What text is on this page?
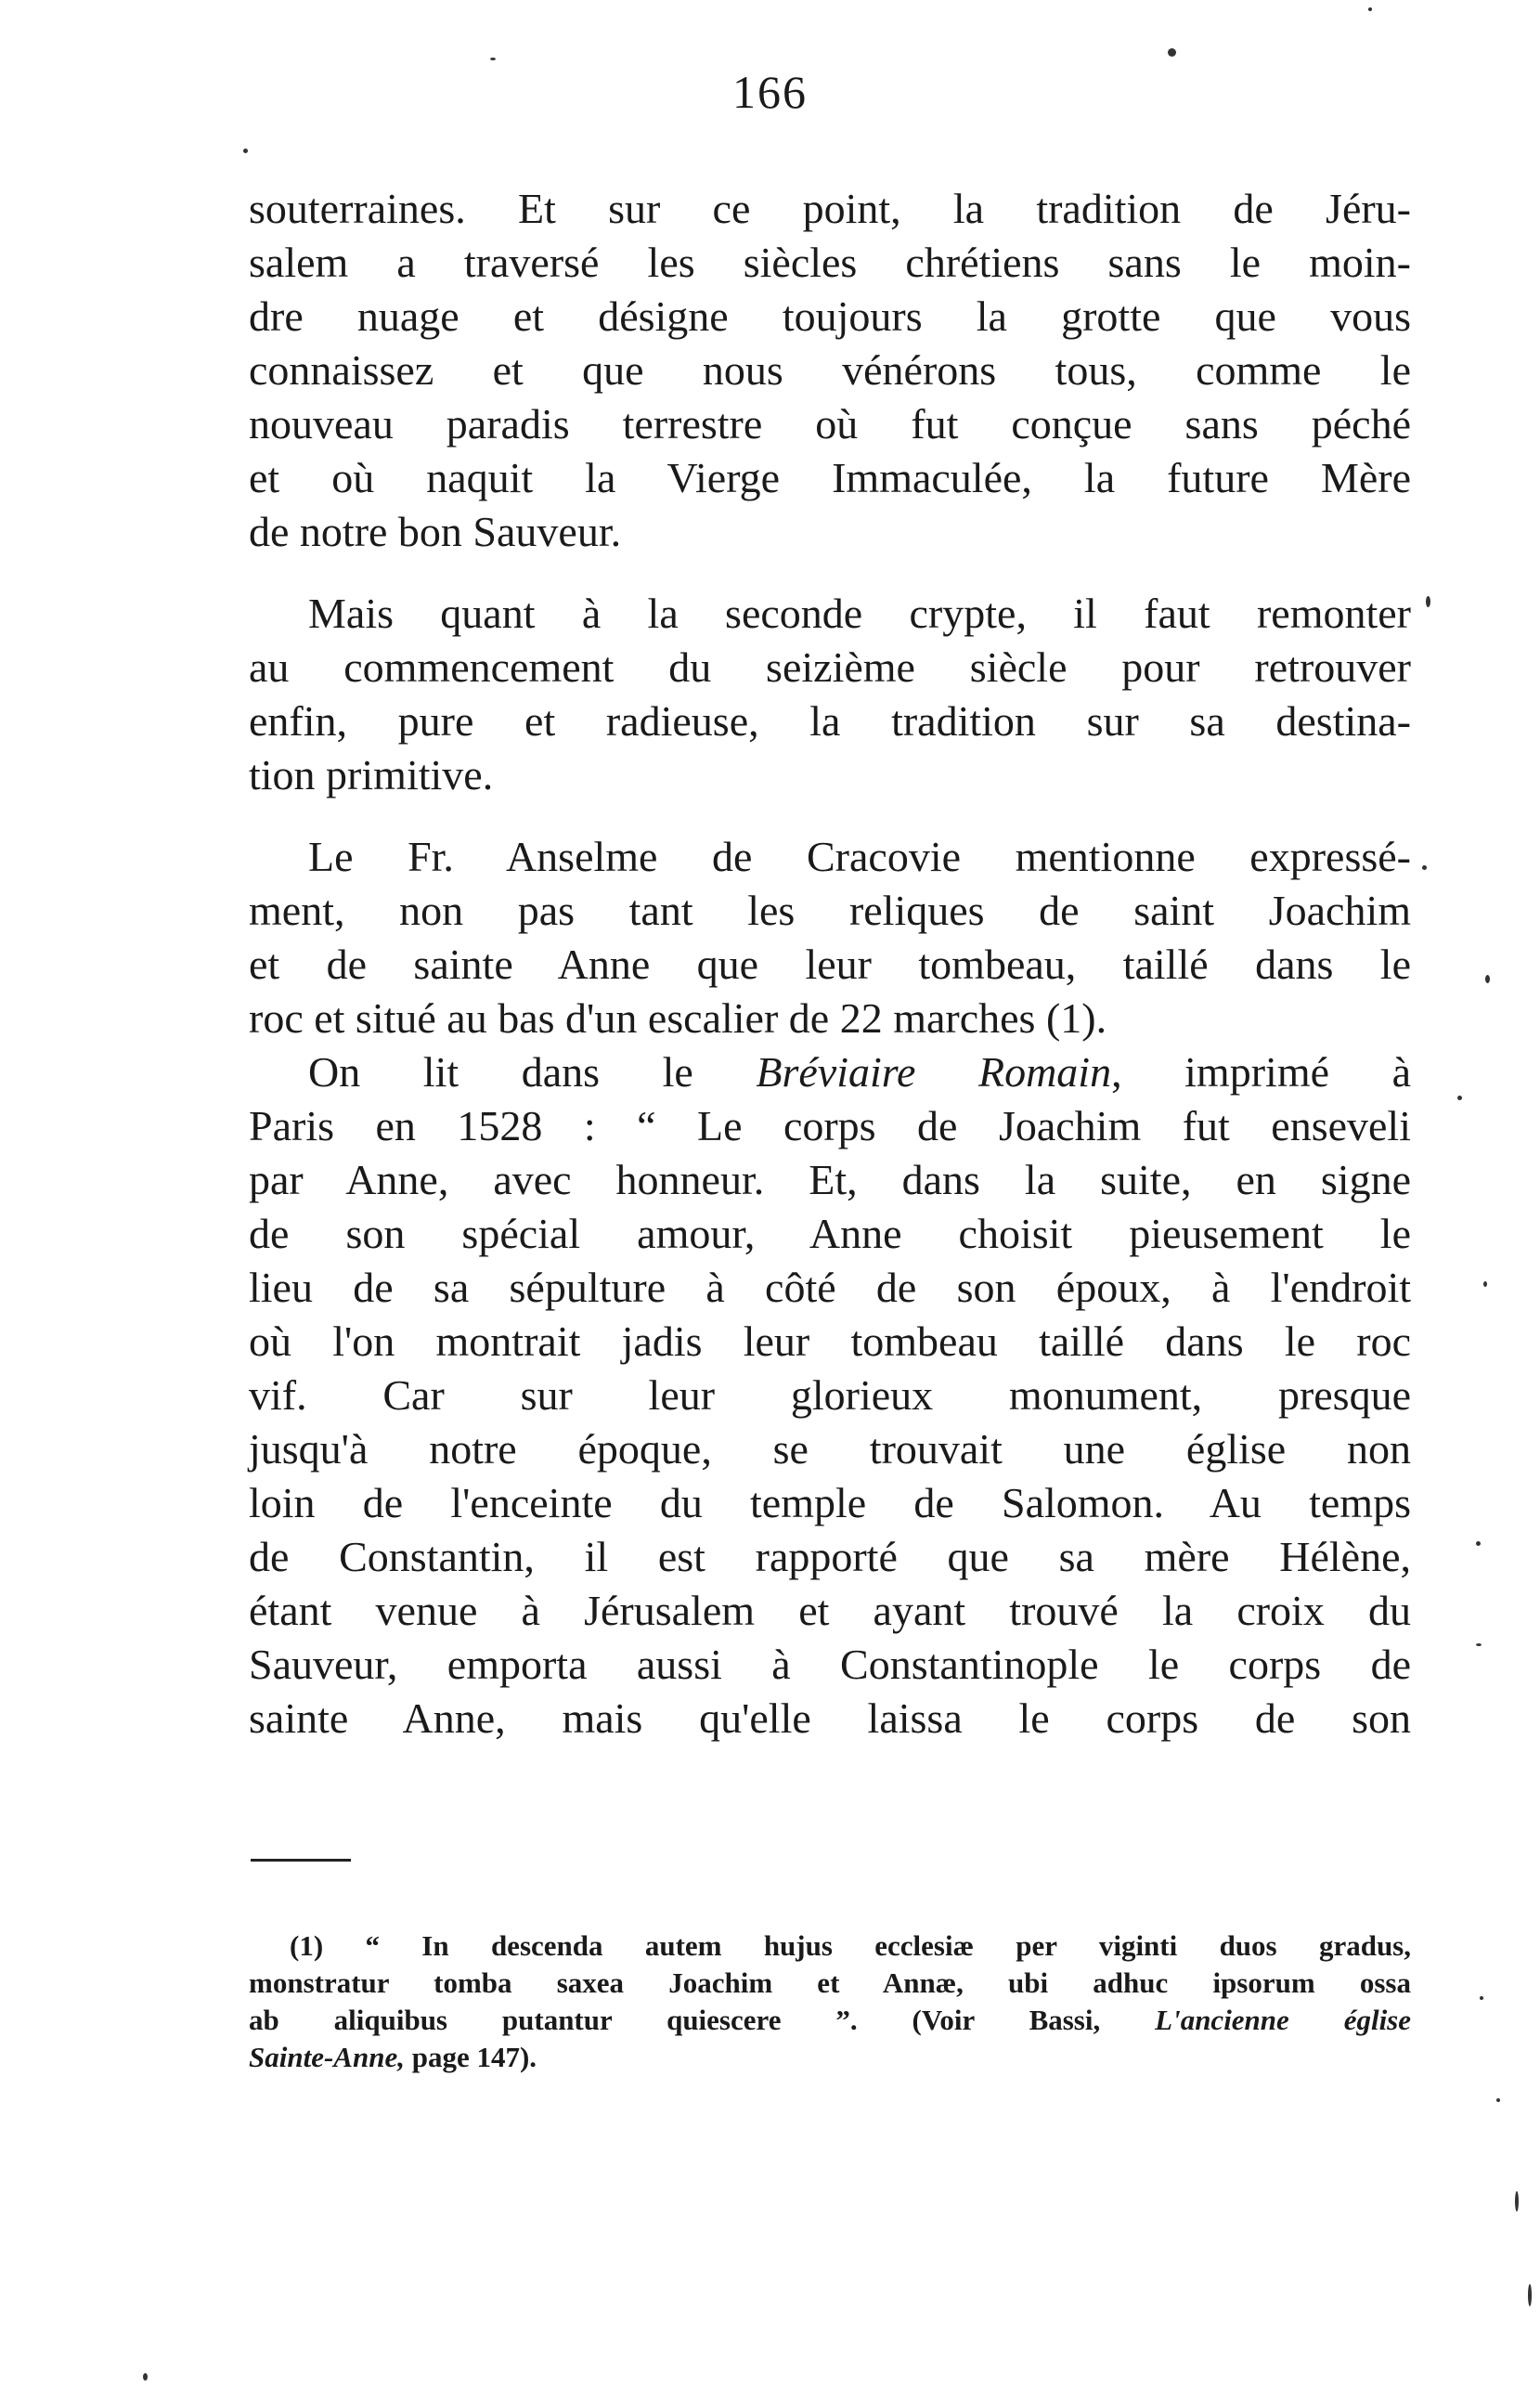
166
souterraines. Et sur ce point, la tradition de Jéru-
salem a traversé les siècles chrétiens sans le moin-
dre nuage et désigne toujours la grotte que vous
connaissez et que nous vénérons tous, comme le
nouveau paradis terrestre où fut conçue sans péché
et où naquit la Vierge Immaculée, la future Mère
de notre bon Sauveur.
Mais quant à la seconde crypte, il faut remonter
au commencement du seizième siècle pour retrouver
enfin, pure et radieuse, la tradition sur sa destina-
tion primitive.
Le Fr. Anselme de Cracovie mentionne expressé-
ment, non pas tant les reliques de saint Joachim
et de sainte Anne que leur tombeau, taillé dans le
roc et situé au bas d'un escalier de 22 marches (1).
On lit dans le Bréviaire Romain, imprimé à
Paris en 1528 : “ Le corps de Joachim fut enseveli
par Anne, avec honneur. Et, dans la suite, en signe
de son spécial amour, Anne choisit pieusement le
lieu de sa sépulture à côté de son époux, à l'endroit
où l'on montrait jadis leur tombeau taillé dans le roc
vif. Car sur leur glorieux monument, presque
jusqu'à notre époque, se trouvait une église non
loin de l'enceinte du temple de Salomon. Au temps
de Constantin, il est rapporté que sa mère Hélène,
étant venue à Jérusalem et ayant trouvé la croix du
Sauveur, emporta aussi à Constantinople le corps de
sainte Anne, mais qu'elle laissa le corps de son
(1) “ In descenda autem hujus ecclesiæ per viginti duos gradus,
monstratur tomba saxea Joachim et Annæ, ubi adhuc ipsorum ossa
ab aliquibus putantur quiescere ”. (Voir Bassi, L'ancienne église
Sainte-Anne, page 147).
